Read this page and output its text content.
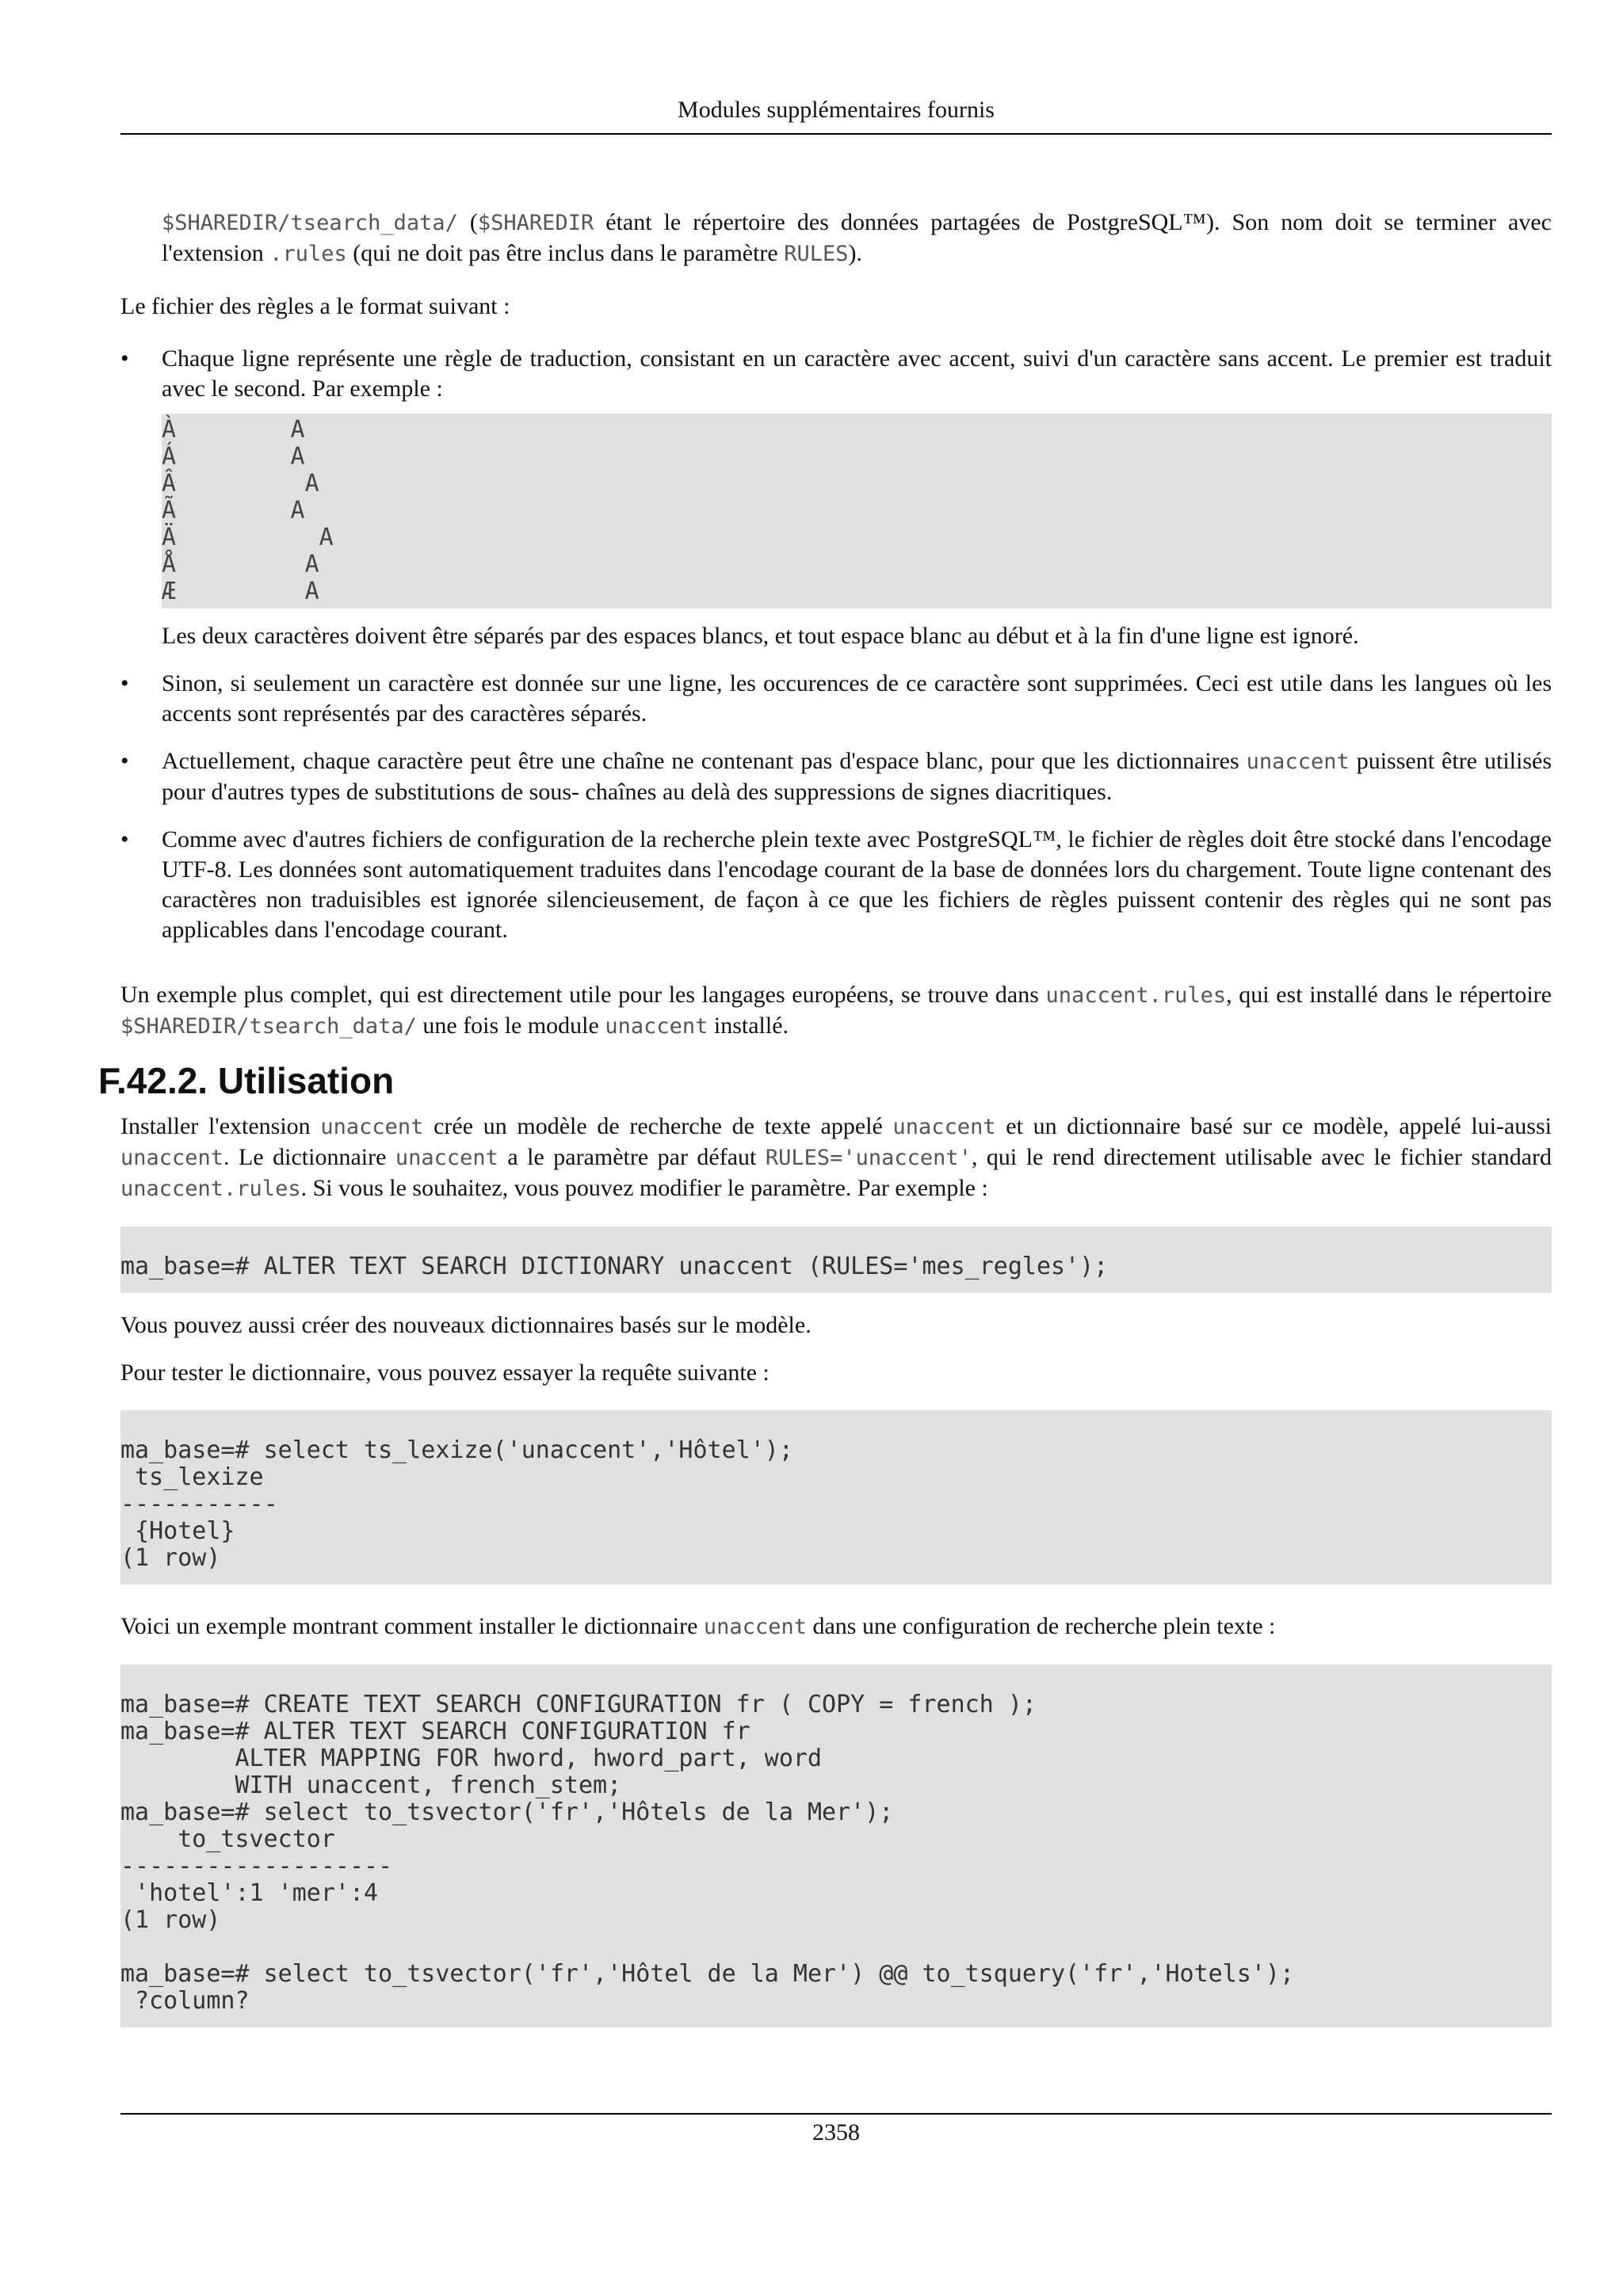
Modules supplémentaires fournis

$SHAREDIR/tsearch_data/ ($SHAREDIR étant le répertoire des données partagées de PostgreSQL™). Son nom doit se terminer avec l'extension .rules (qui ne doit pas être inclus dans le paramètre RULES).

Le fichier des règles a le format suivant :

• Chaque ligne représente une règle de traduction, consistant en un caractère avec accent, suivi d'un caractère sans accent. Le premier est traduit avec le second. Par exemple :

À        A
Á        A
Â         A
Ã        A
Ä          A
Å         A
Æ         A

Les deux caractères doivent être séparés par des espaces blancs, et tout espace blanc au début et à la fin d'une ligne est ignoré.

• Sinon, si seulement un caractère est donnée sur une ligne, les occurences de ce caractère sont supprimées. Ceci est utile dans les langues où les accents sont représentés par des caractères séparés.

• Actuellement, chaque caractère peut être une chaîne ne contenant pas d'espace blanc, pour que les dictionnaires unaccent puissent être utilisés pour d'autres types de substitutions de sous- chaînes au delà des suppressions de signes diacritiques.

• Comme avec d'autres fichiers de configuration de la recherche plein texte avec PostgreSQL™, le fichier de règles doit être stocké dans l'encodage UTF-8. Les données sont automatiquement traduites dans l'encodage courant de la base de données lors du chargement. Toute ligne contenant des caractères non traduisibles est ignorée silencieusement, de façon à ce que les fichiers de règles puissent contenir des règles qui ne sont pas applicables dans l'encodage courant.

Un exemple plus complet, qui est directement utile pour les langages européens, se trouve dans unaccent.rules, qui est installé dans le répertoire $SHAREDIR/tsearch_data/ une fois le module unaccent installé.

F.42.2. Utilisation

Installer l'extension unaccent crée un modèle de recherche de texte appelé unaccent et un dictionnaire basé sur ce modèle, appelé lui-aussi unaccent. Le dictionnaire unaccent a le paramètre par défaut RULES='unaccent', qui le rend directement utilisable avec le fichier standard unaccent.rules. Si vous le souhaitez, vous pouvez modifier le paramètre. Par exemple :

ma_base=# ALTER TEXT SEARCH DICTIONARY unaccent (RULES='mes_regles');

Vous pouvez aussi créer des nouveaux dictionnaires basés sur le modèle.

Pour tester le dictionnaire, vous pouvez essayer la requête suivante :

ma_base=# select ts_lexize('unaccent','Hôtel');
ts_lexize
-----------
{Hotel}
(1 row)

Voici un exemple montrant comment installer le dictionnaire unaccent dans une configuration de recherche plein texte :

ma_base=# CREATE TEXT SEARCH CONFIGURATION fr ( COPY = french );
ma_base=# ALTER TEXT SEARCH CONFIGURATION fr
ALTER MAPPING FOR hword, hword_part, word
WITH unaccent, french_stem;
ma_base=# select to_tsvector('fr','Hôtels de la Mer');
to_tsvector
-------------------
'hotel':1 'mer':4
(1 row)

ma_base=# select to_tsvector('fr','Hôtel de la Mer') @@ to_tsquery('fr','Hotels');
?column?
2358
